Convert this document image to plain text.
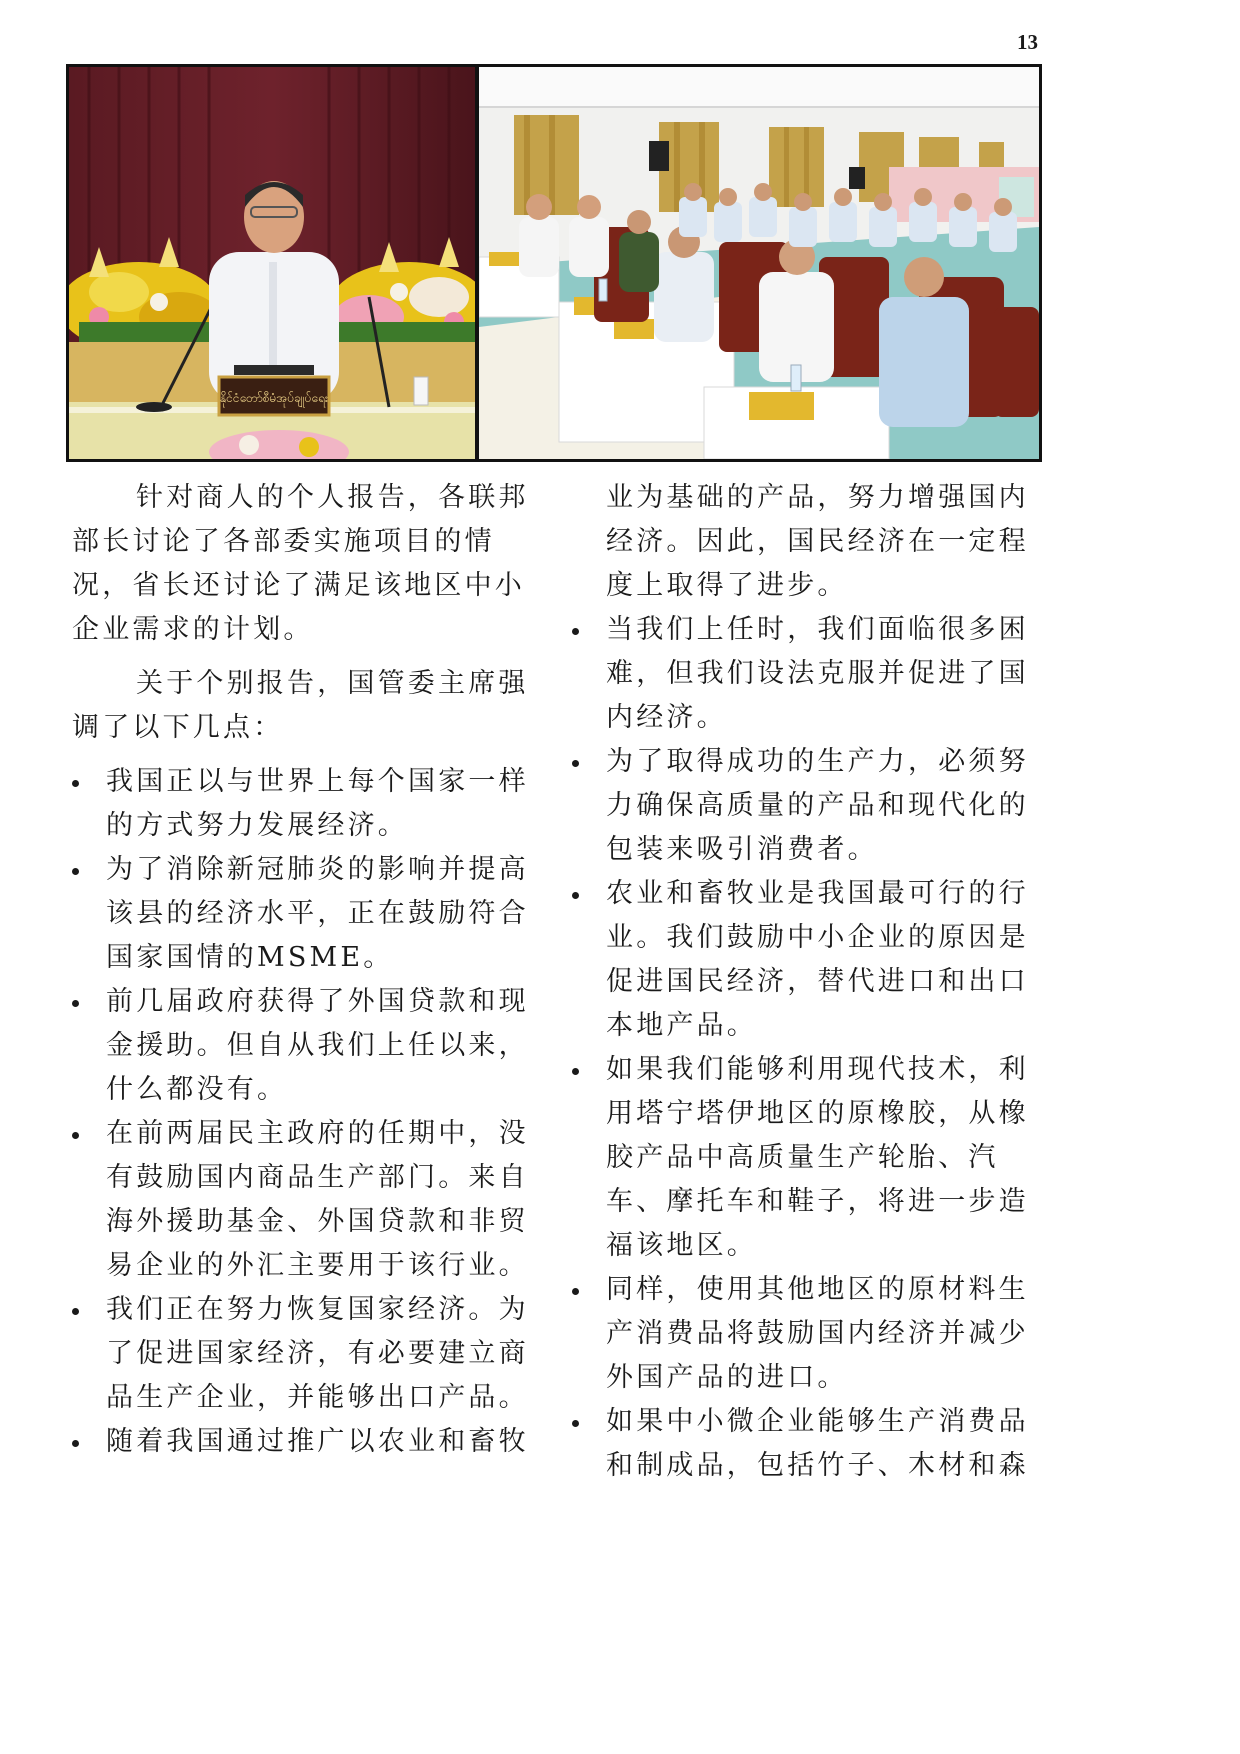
13
နိုင်ငံတော်စီမံအုပ်ချုပ်ရေး

针对商人的个人报告，各联邦部长讨论了各部委实施项目的情况，省长还讨论了满足该地区中小企业需求的计划。

关于个别报告，国管委主席强调了以下几点：

我国正以与世界上每个国家一样的方式努力发展经济。
为了消除新冠肺炎的影响并提高该县的经济水平，正在鼓励符合国家国情的MSME。
前几届政府获得了外国贷款和现金援助。但自从我们上任以来，什么都没有。
在前两届民主政府的任期中，没有鼓励国内商品生产部门。来自海外援助基金、外国贷款和非贸易企业的外汇主要用于该行业。
我们正在努力恢复国家经济。为了促进国家经济，有必要建立商品生产企业，并能够出口产品。
随着我国通过推广以农业和畜牧
业为基础的产品，努力增强国内经济。因此，国民经济在一定程度上取得了进步。
当我们上任时，我们面临很多困难，但我们设法克服并促进了国内经济。
为了取得成功的生产力，必须努力确保高质量的产品和现代化的包装来吸引消费者。
农业和畜牧业是我国最可行的行业。我们鼓励中小企业的原因是促进国民经济，替代进口和出口本地产品。
如果我们能够利用现代技术，利用塔宁塔伊地区的原橡胶，从橡胶产品中高质量生产轮胎、汽车、摩托车和鞋子，将进一步造福该地区。
同样，使用其他地区的原材料生产消费品将鼓励国内经济并减少外国产品的进口。
如果中小微企业能够生产消费品和制成品，包括竹子、木材和森
